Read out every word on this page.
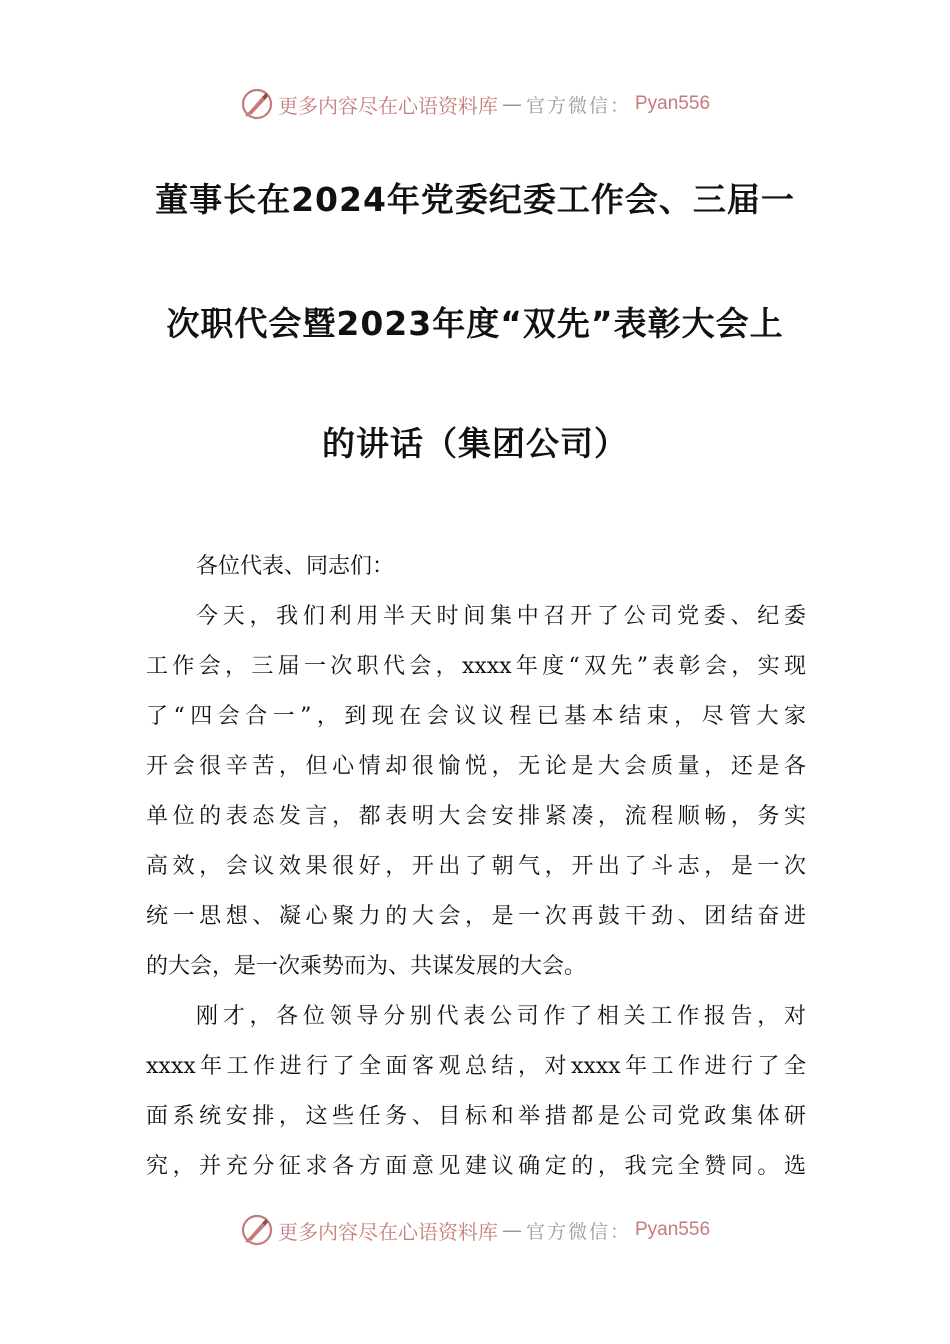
更多内容尽在心语资料库 — 官方微信： Pyan556
董事长在2024年党委纪委工作会、三届一
次职代会暨2023年度“双先”表彰大会上
的讲话（集团公司）
各位代表、同志们：
今天，我们利用半天时间集中召开了公司党委、纪委
工作会，三届一次职代会，xxxx年度“双先”表彰会，实现
了“四会合一”，到现在会议议程已基本结束，尽管大家
开会很辛苦，但心情却很愉悦，无论是大会质量，还是各
单位的表态发言，都表明大会安排紧凑，流程顺畅，务实
高效，会议效果很好，开出了朝气，开出了斗志，是一次
统一思想、凝心聚力的大会，是一次再鼓干劲、团结奋进
的大会，是一次乘势而为、共谋发展的大会。
刚才，各位领导分别代表公司作了相关工作报告，对
xxxx年工作进行了全面客观总结，对xxxx年工作进行了全
面系统安排，这些任务、目标和举措都是公司党政集体研
究，并充分征求各方面意见建议确定的，我完全赞同。选
更多内容尽在心语资料库 — 官方微信： Pyan556
